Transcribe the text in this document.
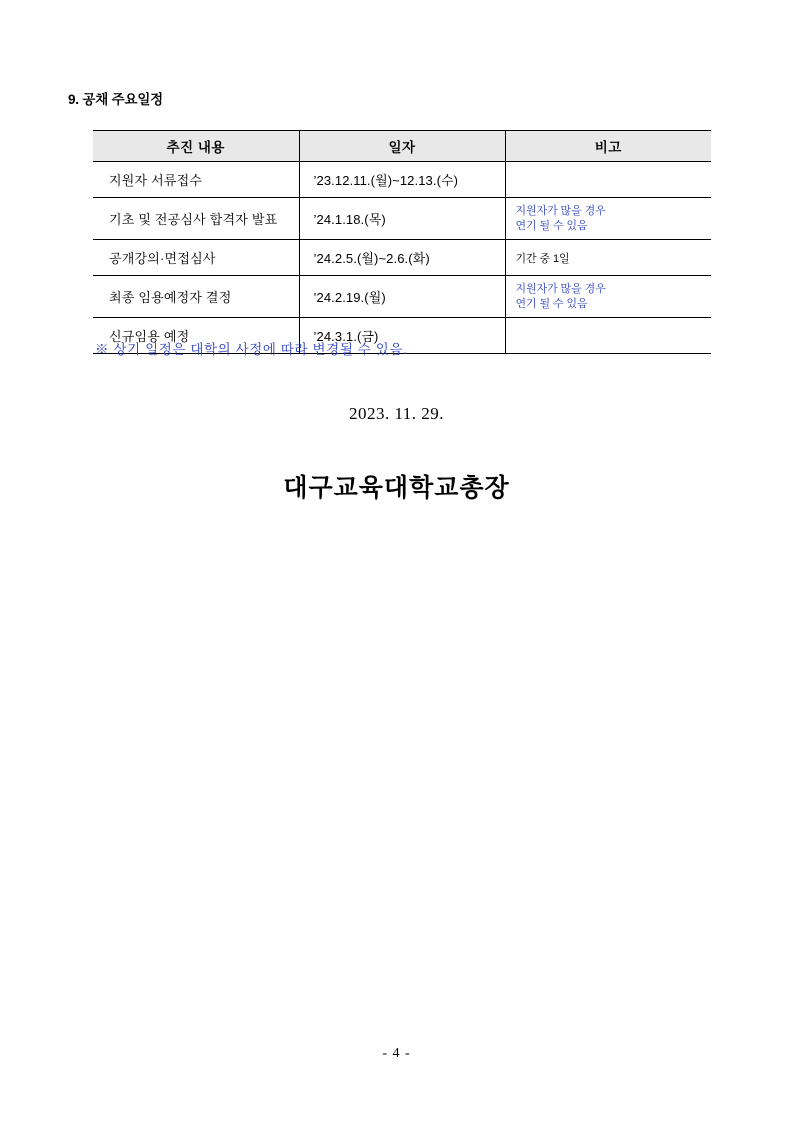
9. 공채 주요일정
추진 내용	일자	비고
지원자 서류접수	’23.12.11.(월)~12.13.(수)	
기초 및 전공심사 합격자 발표	’24.1.18.(목)	지원자가 많을 경우
연기 될 수 있음

공개강의·면접심사	’24.2.5.(월)~2.6.(화)	기간 중 1일
최종 임용예정자 결정	’24.2.19.(월)	지원자가 많을 경우
연기 될 수 있음

신규임용 예정	’24.3.1.(금)	
※ 상기 일정은 대학의 사정에 따라 변경될 수 있음.
2023. 11. 29.
대구교육대학교총장
- 4 -
